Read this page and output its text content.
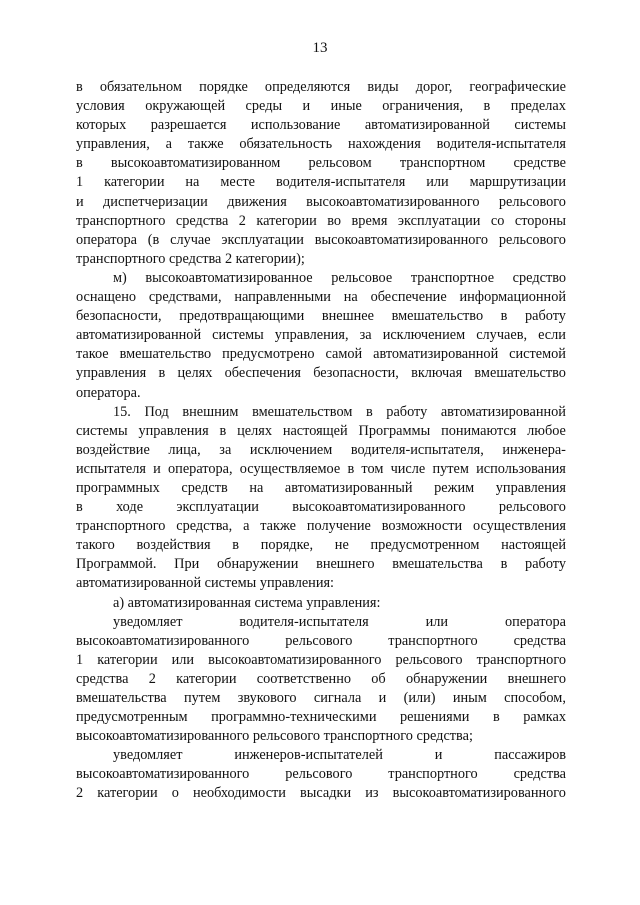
13
в обязательном порядке определяются виды дорог, географические
условия окружающей среды и иные ограничения, в пределах
которых разрешается использование автоматизированной системы
управления, а также обязательность нахождения водителя-испытателя
в высокоавтоматизированном рельсовом транспортном средстве
1 категории на месте водителя-испытателя или маршрутизации
и диспетчеризации движения высокоавтоматизированного рельсового
транспортного средства 2 категории во время эксплуатации со стороны
оператора (в случае эксплуатации высокоавтоматизированного рельсового
транспортного средства 2 категории);
м) высокоавтоматизированное рельсовое транспортное средство
оснащено средствами, направленными на обеспечение информационной
безопасности, предотвращающими внешнее вмешательство в работу
автоматизированной системы управления, за исключением случаев, если
такое вмешательство предусмотрено самой автоматизированной системой
управления в целях обеспечения безопасности, включая вмешательство
оператора.
15. Под внешним вмешательством в работу автоматизированной
системы управления в целях настоящей Программы понимаются любое
воздействие лица, за исключением водителя-испытателя, инженера-
испытателя и оператора, осуществляемое в том числе путем использования
программных средств на автоматизированный режим управления
в ходе эксплуатации высокоавтоматизированного рельсового
транспортного средства, а также получение возможности осуществления
такого воздействия в порядке, не предусмотренном настоящей
Программой. При обнаружении внешнего вмешательства в работу
автоматизированной системы управления:
а) автоматизированная система управления:
уведомляет	водителя-испытателя	или	оператора
высокоавтоматизированного	рельсового	транспортного	средства
1 категории или высокоавтоматизированного рельсового транспортного
средства 2 категории соответственно об обнаружении внешнего
вмешательства путем звукового сигнала и (или) иным способом,
предусмотренным программно-техническими решениями в рамках
высокоавтоматизированного рельсового транспортного средства;
уведомляет	инженеров-испытателей	и	пассажиров
высокоавтоматизированного	рельсового	транспортного	средства
2 категории о необходимости высадки из высокоавтоматизированного
